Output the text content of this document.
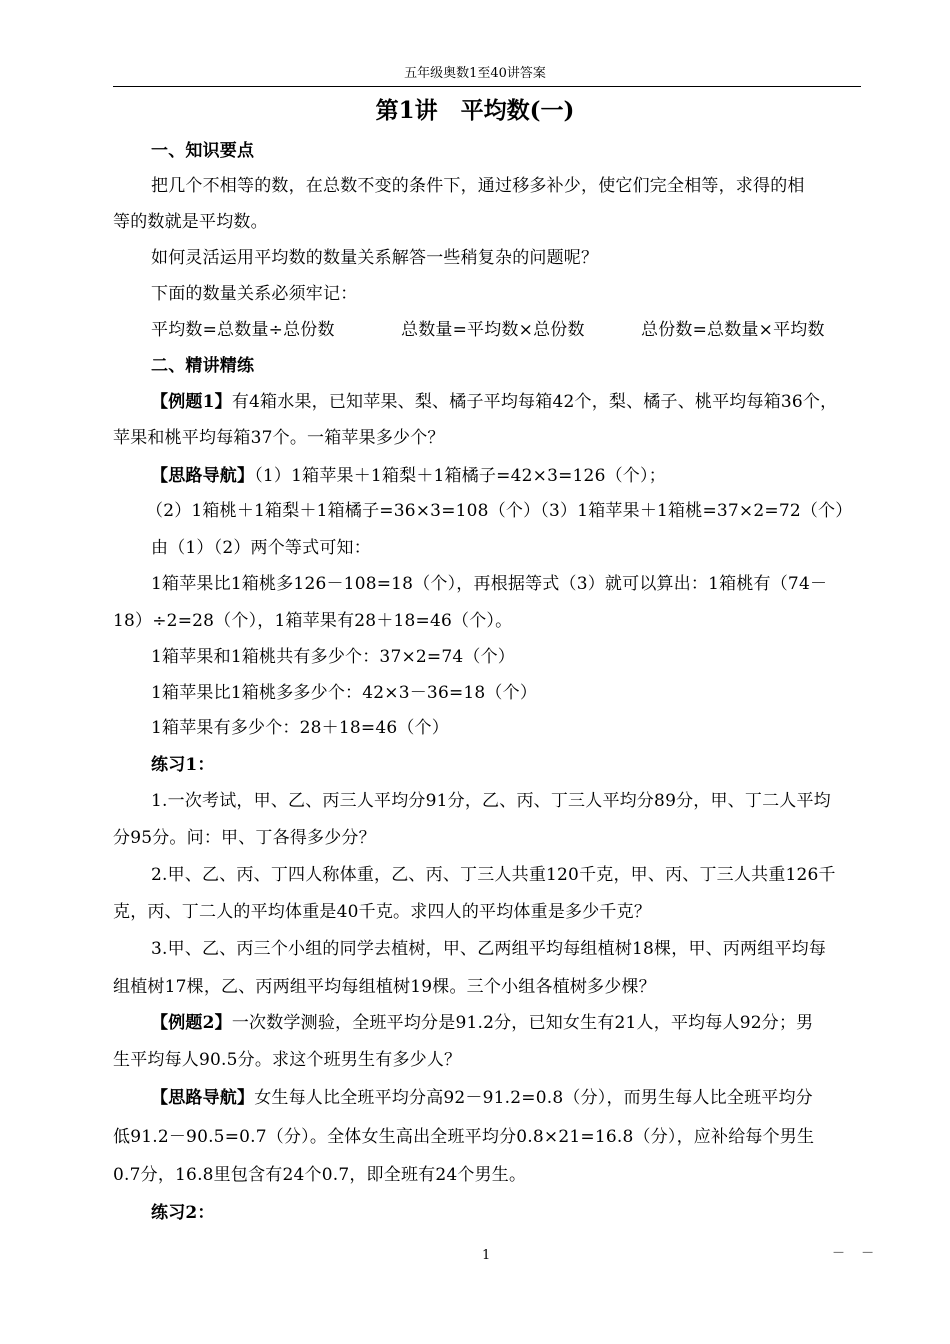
五年级奥数1至40讲答案
第1讲　平均数(一)
一、知识要点
把几个不相等的数，在总数不变的条件下，通过移多补少，使它们完全相等，求得的相
等的数就是平均数。
如何灵活运用平均数的数量关系解答一些稍复杂的问题呢？
下面的数量关系必须牢记：

平均数=总数量÷总份数

	总数量=平均数×总份数

	总份数=总数量×平均数

二、精讲精练
【例题1】有4箱水果，已知苹果、梨、橘子平均每箱42个，梨、橘子、桃平均每箱36个，
苹果和桃平均每箱37个。一箱苹果多少个？
【思路导航】（1）1箱苹果＋1箱梨＋1箱橘子=42×3=126（个）；
（2）1箱桃＋1箱梨＋1箱橘子=36×3=108（个）（3）1箱苹果＋1箱桃=37×2=72（个）
由（1）（2）两个等式可知：
1箱苹果比1箱桃多126－108=18（个），再根据等式（3）就可以算出：1箱桃有（74－
18）÷2=28（个），1箱苹果有28＋18=46（个）。
1箱苹果和1箱桃共有多少个：37×2=74（个）
1箱苹果比1箱桃多多少个：42×3－36=18（个）
1箱苹果有多少个：28＋18=46（个）
练习1：
1.一次考试，甲、乙、丙三人平均分91分，乙、丙、丁三人平均分89分，甲、丁二人平均
分95分。问：甲、丁各得多少分？
2.甲、乙、丙、丁四人称体重，乙、丙、丁三人共重120千克，甲、丙、丁三人共重126千
克，丙、丁二人的平均体重是40千克。求四人的平均体重是多少千克？
3.甲、乙、丙三个小组的同学去植树，甲、乙两组平均每组植树18棵，甲、丙两组平均每
组植树17棵，乙、丙两组平均每组植树19棵。三个小组各植树多少棵？
【例题2】一次数学测验，全班平均分是91.2分，已知女生有21人，平均每人92分；男
生平均每人90.5分。求这个班男生有多少人？
【思路导航】女生每人比全班平均分高92－91.2=0.8（分），而男生每人比全班平均分
低91.2－90.5=0.7（分）。全体女生高出全班平均分0.8×21=16.8（分），应补给每个男生
0.7分，16.8里包含有24个0.7，即全班有24个男生。
练习2：
1	－ －
